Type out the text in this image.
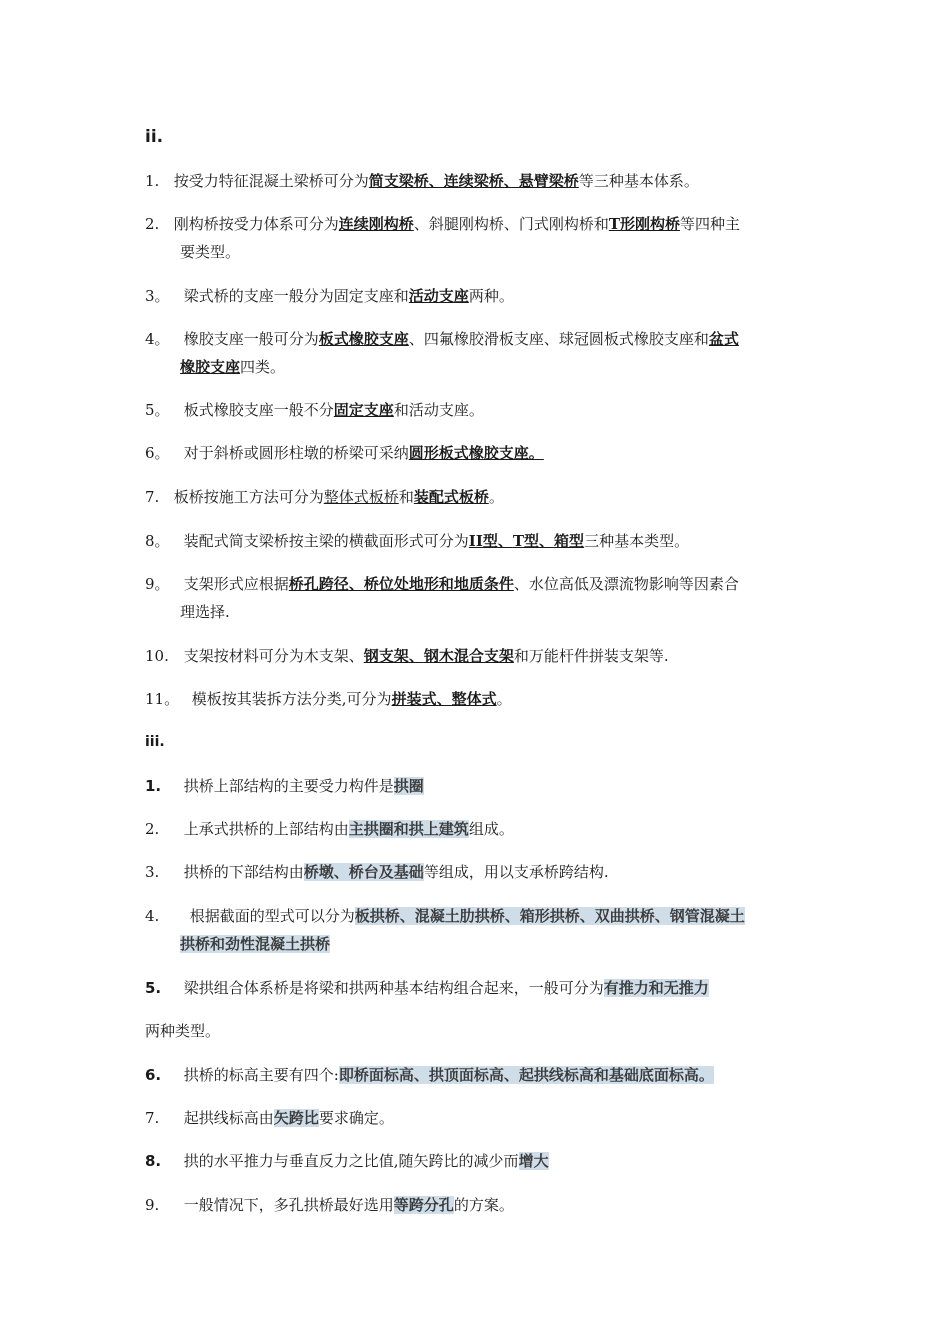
ii.
1. 按受力特征混凝土梁桥可分为简支梁桥、连续梁桥、悬臂梁桥等三种基本体系。
2. 刚构桥按受力体系可分为连续刚构桥、斜腿刚构桥、门式刚构桥和T形刚构桥等四种主
要类型。
3。 梁式桥的支座一般分为固定支座和活动支座两种。
4。 橡胶支座一般可分为板式橡胶支座、四氟橡胶滑板支座、球冠圆板式橡胶支座和盆式
橡胶支座四类。
5。 板式橡胶支座一般不分固定支座和活动支座。
6。 对于斜桥或圆形柱墩的桥梁可采纳圆形板式橡胶支座。
7. 板桥按施工方法可分为整体式板桥和装配式板桥。
8。 装配式简支梁桥按主梁的横截面形式可分为II型、T型、箱型三种基本类型。
9。 支架形式应根据桥孔跨径、桥位处地形和地质条件、水位高低及漂流物影响等因素合
理选择.
10. 支架按材料可分为木支架、钢支架、钢木混合支架和万能杆件拼装支架等.
11。 模板按其装拆方法分类,可分为拼装式、整体式。
iii.
1. 拱桥上部结构的主要受力构件是拱圈
2. 上承式拱桥的上部结构由主拱圈和拱上建筑组成。
3. 拱桥的下部结构由桥墩、桥台及基础等组成，用以支承桥跨结构.
4. 根据截面的型式可以分为板拱桥、混凝土肋拱桥、箱形拱桥、双曲拱桥、钢管混凝土
拱桥和劲性混凝土拱桥
5. 梁拱组合体系桥是将梁和拱两种基本结构组合起来，一般可分为有推力和无推力
两种类型。
6. 拱桥的标高主要有四个:即桥面标高、拱顶面标高、起拱线标高和基础底面标高。
7. 起拱线标高由矢跨比要求确定。
8. 拱的水平推力与垂直反力之比值,随矢跨比的减少而增大
9. 一般情况下，多孔拱桥最好选用等跨分孔的方案。
